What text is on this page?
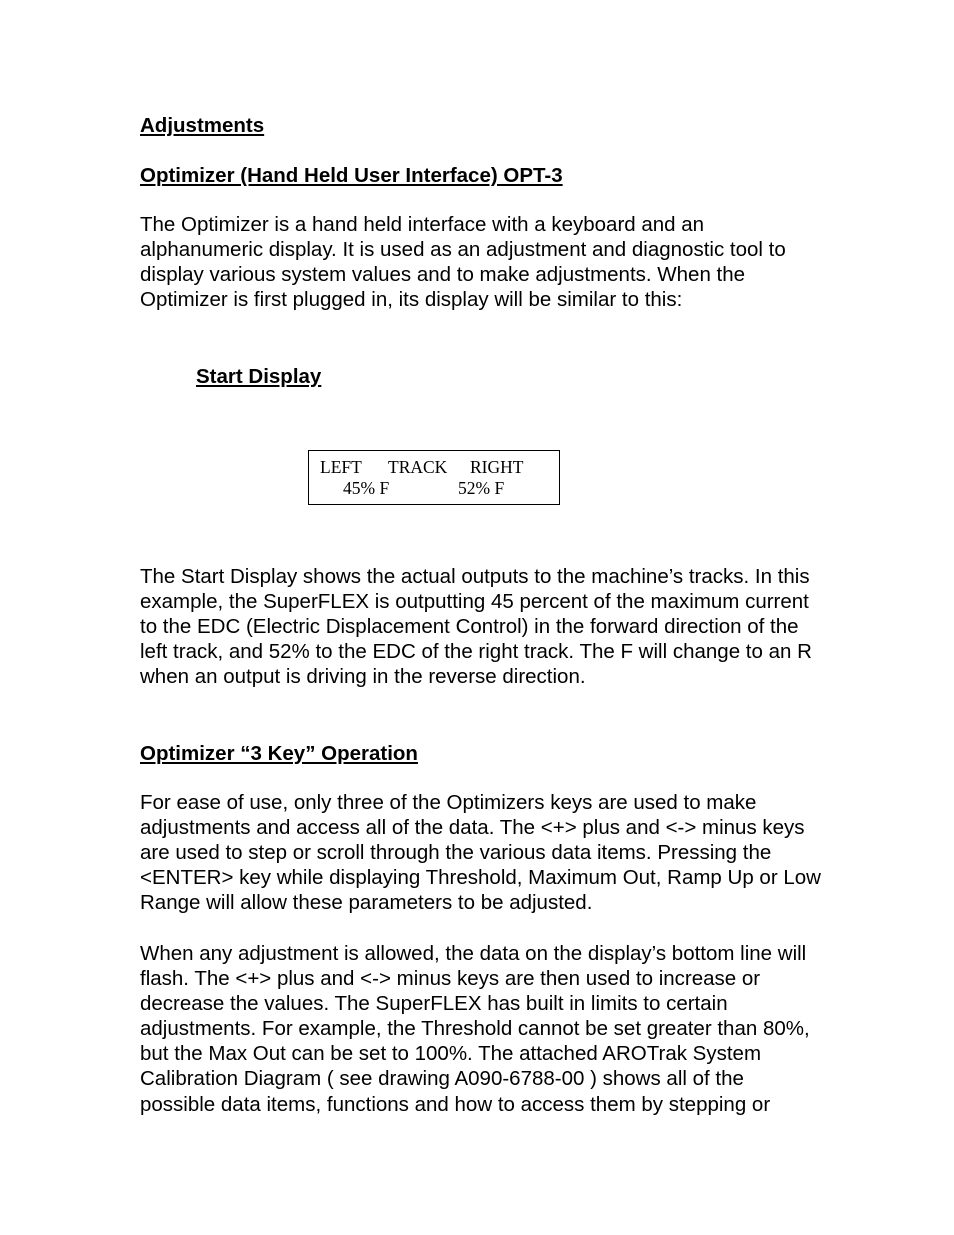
Adjustments
Optimizer (Hand Held User Interface) OPT-3
The Optimizer is a hand held interface with a keyboard and an
alphanumeric display. It is used as an adjustment and diagnostic tool to
display various system values and to make adjustments. When the
Optimizer is first plugged in, its display will be similar to this:
Start Display
LEFT TRACK RIGHT
45% F	52% F
The Start Display shows the actual outputs to the machine’s tracks. In this
example, the SuperFLEX is outputting 45 percent of the maximum current
to the EDC (Electric Displacement Control) in the forward direction of the
left track, and 52% to the EDC of the right track. The F will change to an R
when an output is driving in the reverse direction.
Optimizer “3 Key” Operation
For ease of use, only three of the Optimizers keys are used to make
adjustments and access all of the data. The <+> plus and <-> minus keys
are used to step or scroll through the various data items. Pressing the
<ENTER> key while displaying Threshold, Maximum Out, Ramp Up or Low
Range will allow these parameters to be adjusted.
When any adjustment is allowed, the data on the display’s bottom line will
flash. The <+> plus and <-> minus keys are then used to increase or
decrease the values. The SuperFLEX has built in limits to certain
adjustments. For example, the Threshold cannot be set greater than 80%,
but the Max Out can be set to 100%. The attached AROTrak System
Calibration Diagram ( see drawing A090-6788-00 ) shows all of the
possible data items, functions and how to access them by stepping or
